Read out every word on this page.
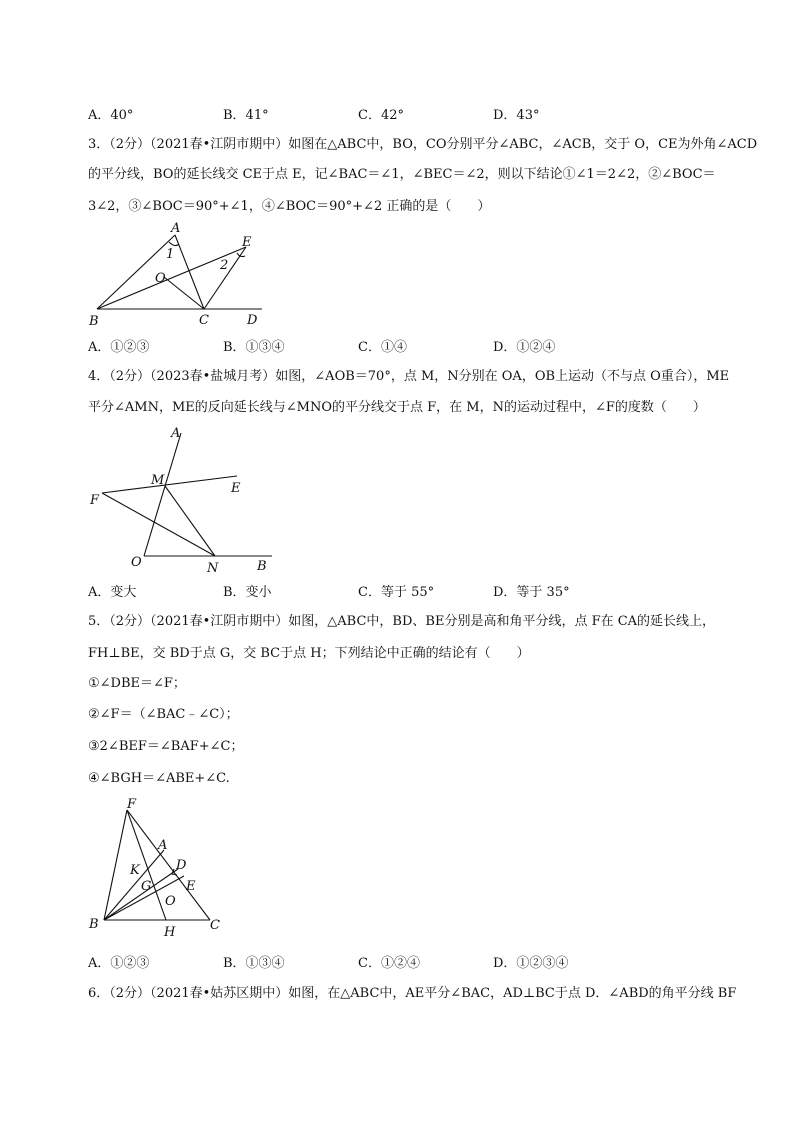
A．40°	B．41°	C．42°	D．43°
3．（2分）（2021春•江阴市期中）如图在△ABC中，BO，CO分别平分∠ABC，∠ACB，交于 O，CE为外角∠ACD
的平分线，BO的延长线交 CE于点 E，记∠BAC＝∠1，∠BEC＝∠2，则以下结论①∠1＝2∠2，②∠BOC＝
3∠2，③∠BOC＝90°+∠1，④∠BOC＝90°+∠2 正确的是（　　）
A
1
E
2
O
B	C	D
A．①②③	B．①③④	C．①④	D．①②④
4．（2分）（2023春•盐城月考）如图，∠AOB＝70°，点 M，N分别在 OA，OB上运动（不与点 O重合），ME
平分∠AMN，ME的反向延长线与∠MNO的平分线交于点 F，在 M，N的运动过程中，∠F的度数（　　）
A
M
E
F
O	N	B
A．变大	B．变小	C．等于 55°	D．等于 35°
5．（2分）（2021春•江阴市期中）如图，△ABC中，BD、BE分别是高和角平分线，点 F在 CA的延长线上，
FH⊥BE，交 BD于点 G，交 BC于点 H；下列结论中正确的结论有（　　）
①∠DBE＝∠F；
②∠F＝（∠BAC﹣∠C）；
③2∠BEF＝∠BAF+∠C；
④∠BGH＝∠ABE+∠C.
F
A
K	D
G	E
O
B
H	C
A．①②③	B．①③④	C．①②④	D．①②③④
6．（2分）（2021春•姑苏区期中）如图，在△ABC中，AE平分∠BAC，AD⊥BC于点 D．∠ABD的角平分线 BF
